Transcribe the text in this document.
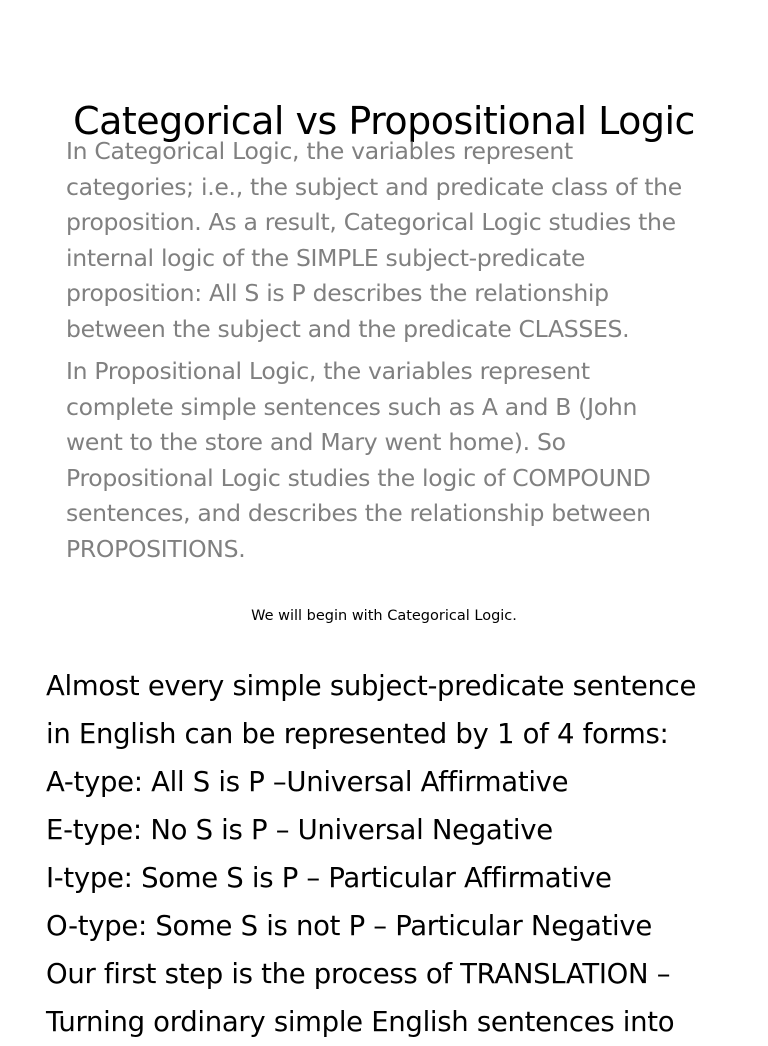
Categorical vs Propositional Logic
In Categorical Logic, the variables represent
categories; i.e., the subject and predicate class of the
proposition. As a result, Categorical Logic studies the
internal logic of the SIMPLE subject-predicate
proposition: All S is P describes the relationship
between the subject and the predicate CLASSES.
In Propositional Logic, the variables represent
complete simple sentences such as A and B (John
went to the store and Mary went home). So
Propositional Logic studies the logic of COMPOUND
sentences, and describes the relationship between
PROPOSITIONS.
We will begin with Categorical Logic.
Almost every simple subject-predicate sentence
in English can be represented by 1 of 4 forms:
A-type: All S is P –Universal Affirmative
E-type: No S is P – Universal Negative
I-type: Some S is P – Particular Affirmative
O-type: Some S is not P – Particular Negative
Our first step is the process of TRANSLATION –
Turning ordinary simple English sentences into
